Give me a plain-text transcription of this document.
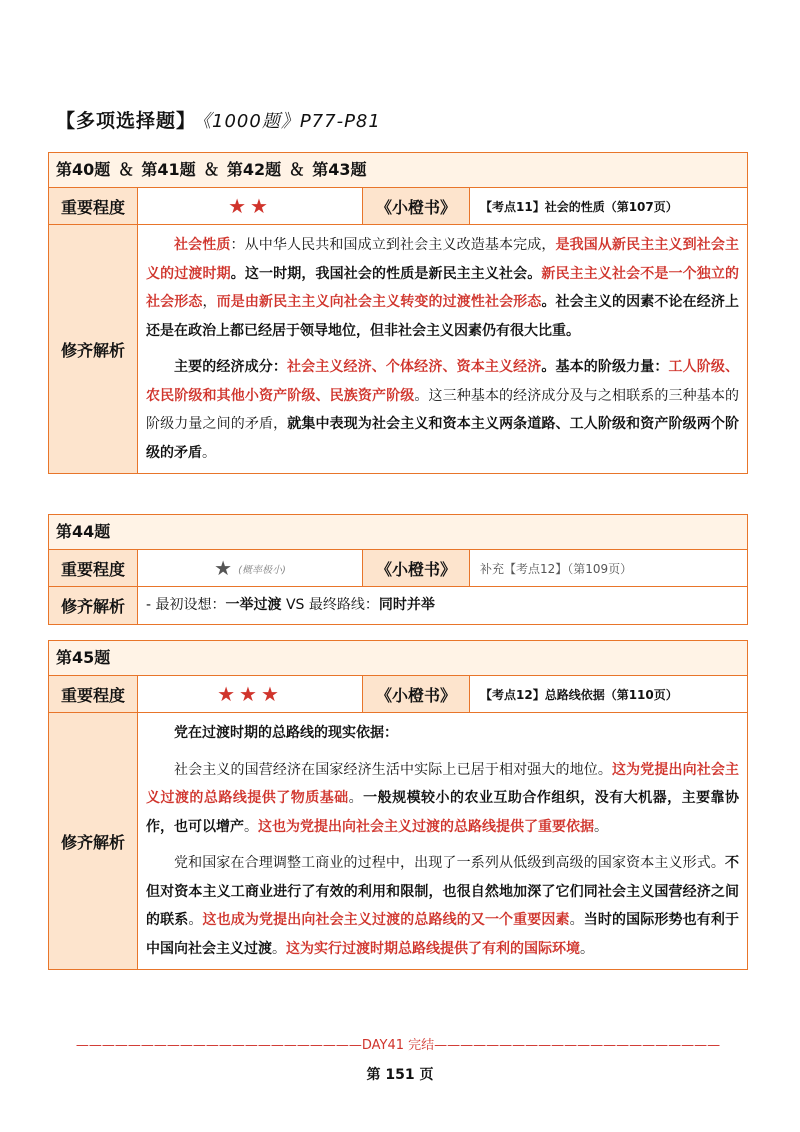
【多项选择题】 《1000题》P77-P81
第40题 ＆ 第41题 ＆ 第42题 ＆ 第43题
重要程度	★★	《小橙书》	【考点11】社会的性质（第107页）
修齐解析

社会性质：从中华人民共和国成立到社会主义改造基本完成，是我国从新民主主义到社会主义的过渡时期。这一时期，我国社会的性质是新民主主义社会。新民主主义社会不是一个独立的社会形态，而是由新民主主义向社会主义转变的过渡性社会形态。社会主义的因素不论在经济上还是在政治上都已经居于领导地位，但非社会主义因素仍有很大比重。

主要的经济成分：社会主义经济、个体经济、资本主义经济。基本的阶级力量：工人阶级、农民阶级和其他小资产阶级、民族资产阶级。这三种基本的经济成分及与之相联系的三种基本的阶级力量之间的矛盾，就集中表现为社会主义和资本主义两条道路、工人阶级和资产阶级两个阶级的矛盾。

第44题
重要程度	★ (概率极小)	《小橙书》	补充【考点12】（第109页）
修齐解析	- 最初设想：一举过渡 VS 最终路线：同时并举
第45题
重要程度	★★★	《小橙书》	【考点12】总路线依据（第110页）
修齐解析

党在过渡时期的总路线的现实依据：

社会主义的国营经济在国家经济生活中实际上已居于相对强大的地位。这为党提出向社会主义过渡的总路线提供了物质基础。一般规模较小的农业互助合作组织，没有大机器，主要靠协作，也可以增产。这也为党提出向社会主义过渡的总路线提供了重要依据。

党和国家在合理调整工商业的过程中，出现了一系列从低级到高级的国家资本主义形式。不但对资本主义工商业进行了有效的利用和限制，也很自然地加深了它们同社会主义国营经济之间的联系。这也成为党提出向社会主义过渡的总路线的又一个重要因素。当时的国际形势也有利于中国向社会主义过渡。这为实行过渡时期总路线提供了有利的国际环境。

——————————————————————DAY41 完结——————————————————————
第 151 页
